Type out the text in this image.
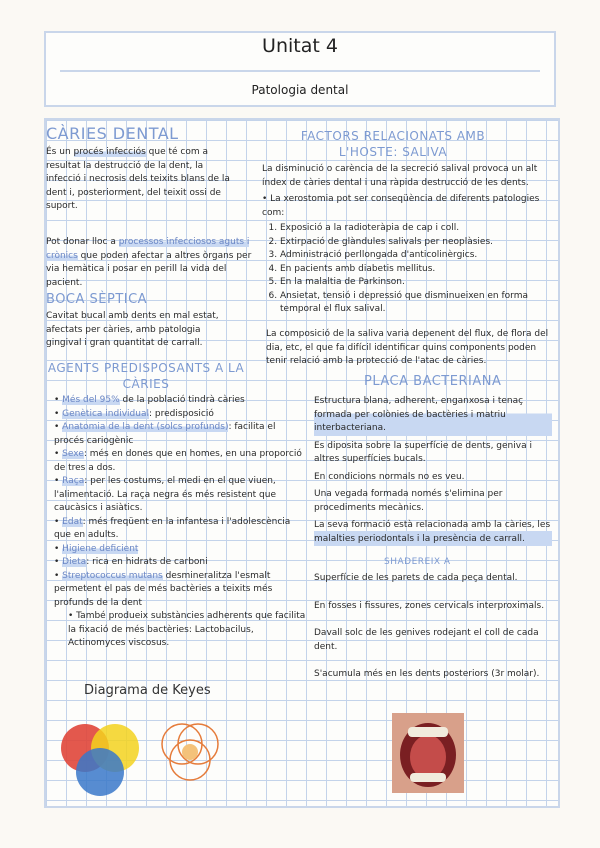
Unitat 4
Patologia dental
CÀRIES DENTAL
És un procés infecciós que té com a resultat la destrucció de la dent, la infecció i necrosis dels teixits blans de la dent i, posteriorment, del teixit ossi de suport.
Pot donar lloc a processos infecciosos aguts i crònics que poden afectar a altres òrgans per via hemàtica i posar en perill la vida del pacient.
BOCA SÈPTICA
Cavitat bucal amb dents en mal estat, afectats per càries, amb patologia gingival i gran quantitat de carrall.
AGENTS PREDISPOSANTS A LA CÀRIES
• Més del 95% de la població tindrà càries
• Genètica individual: predisposició
• Anatomia de la dent (solcs profunds): facilita el procés cariogènic
• Sexe: més en dones que en homes, en una proporció de tres a dos.
• Raça: per les costums, el medi en el que viuen, l'alimentació. La raça negra és més resistent que caucàsics i asiàtics.
• Edat: més freqüent en la infantesa i l'adolescència que en adults.
• Higiene deficient
• Dieta: rica en hidrats de carboni
• Streptococcus mutans desmineralitza l'esmalt permetent el pas de més bactèries a teixits més profunds de la dent
• També produeix substàncies adherents que facilita la fixació de més bactèries: Lactobacilus, Actinomyces viscosus.
Diagrama de Keyes
FACTORS RELACIONATS AMB L'HOSTE: SALIVA
La disminució o carència de la secreció salival provoca un alt índex de càries dental i una ràpida destrucció de les dents.
• La xerostomia pot ser conseqüència de diferents patologies com:
1. Exposició a la radioteràpia de cap i coll.
2. Extirpació de glàndules salivals per neoplàsies.
3. Administració perllongada d'anticolinèrgics.
4. En pacients amb diabetis mellitus.
5. En la malaltia de Parkinson.
6. Ansietat, tensió i depressió que disminueixen en forma temporal el flux salival.
La composició de la saliva varia depenent del flux, de flora del dia, etc, el que fa difícil identificar quins components poden tenir relació amb la protecció de l'atac de càries.
PLACA BACTERIANA
Estructura blana, adherent, enganxosa i tenaç formada per colònies de bactèries i matriu interbacteriana.
Es diposita sobre la superfície de dents, geniva i altres superfícies bucals.
En condicions normals no es veu.
Una vegada formada només s'elimina per procediments mecànics.
La seva formació està relacionada amb la càries, les malalties periodontals i la presència de carrall.
SHADEREIX A
Superfície de les parets de cada peça dental.
En fosses i fissures, zones cervicals interproximals.
Davall solc de les genives rodejant el coll de cada dent.
S'acumula més en les dents posteriors (3r molar).
